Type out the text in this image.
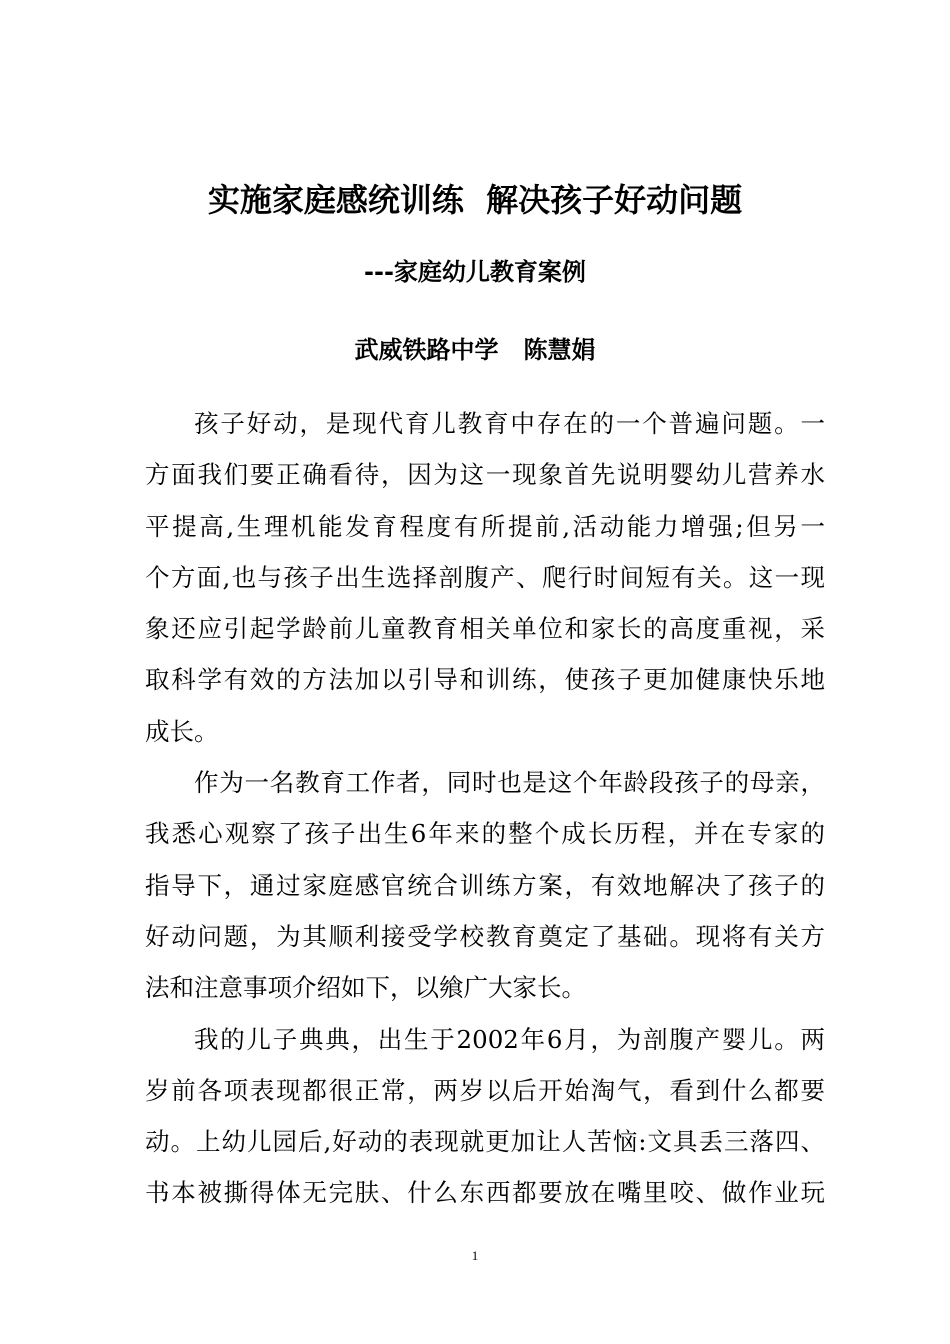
实施家庭感统训练  解决孩子好动问题
---家庭幼儿教育案例
武威铁路中学   陈慧娟
孩子好动，是现代育儿教育中存在的一个普遍问题。一
方面我们要正确看待，因为这一现象首先说明婴幼儿营养水
平提高,生理机能发育程度有所提前,活动能力增强;但另一
个方面,也与孩子出生选择剖腹产、爬行时间短有关。这一现
象还应引起学龄前儿童教育相关单位和家长的高度重视，采
取科学有效的方法加以引导和训练，使孩子更加健康快乐地
成长。
作为一名教育工作者，同时也是这个年龄段孩子的母亲，
我悉心观察了孩子出生6年来的整个成长历程，并在专家的
指导下，通过家庭感官统合训练方案，有效地解决了孩子的
好动问题，为其顺利接受学校教育奠定了基础。现将有关方
法和注意事项介绍如下，以飨广大家长。
我的儿子典典，出生于2002年6月，为剖腹产婴儿。两
岁前各项表现都很正常，两岁以后开始淘气，看到什么都要
动。上幼儿园后,好动的表现就更加让人苦恼:文具丢三落四、
书本被撕得体无完肤、什么东西都要放在嘴里咬、做作业玩
1
